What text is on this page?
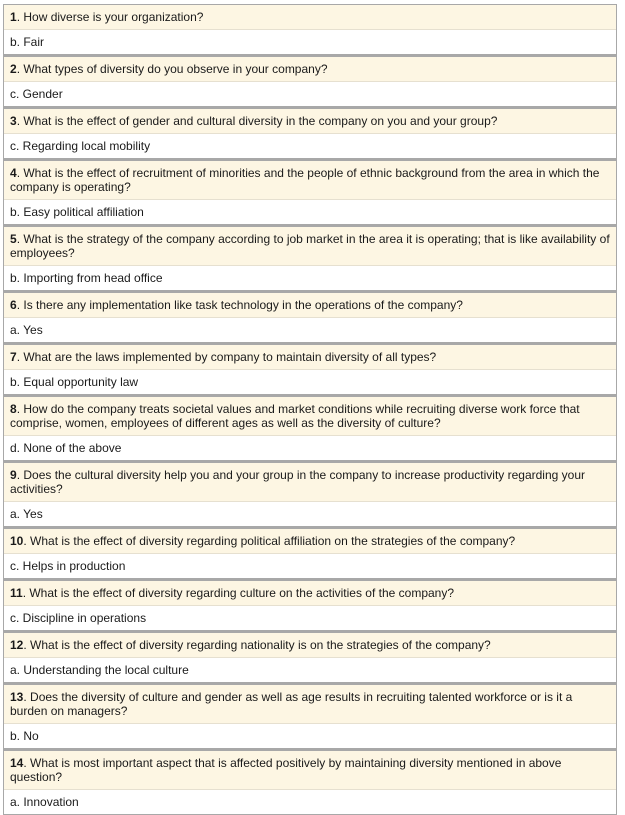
1. How diverse is your organization?
b. Fair
2. What types of diversity do you observe in your company?
c. Gender
3. What is the effect of gender and cultural diversity in the company on you and your group?
c. Regarding local mobility
4. What is the effect of recruitment of minorities and the people of ethnic background from the area in which the company is operating?
b. Easy political affiliation
5. What is the strategy of the company according to job market in the area it is operating; that is like availability of employees?
b. Importing from head office
6. Is there any implementation like task technology in the operations of the company?
a. Yes
7. What are the laws implemented by company to maintain diversity of all types?
b. Equal opportunity law
8. How do the company treats societal values and market conditions while recruiting diverse work force that comprise, women, employees of different ages as well as the diversity of culture?
d. None of the above
9. Does the cultural diversity help you and your group in the company to increase productivity regarding your activities?
a. Yes
10. What is the effect of diversity regarding political affiliation on the strategies of the company?
c. Helps in production
11. What is the effect of diversity regarding culture on the activities of the company?
c. Discipline in operations
12. What is the effect of diversity regarding nationality is on the strategies of the company?
a. Understanding the local culture
13. Does the diversity of culture and gender as well as age results in recruiting talented workforce or is it a burden on managers?
b. No
14. What is most important aspect that is affected positively by maintaining diversity mentioned in above question?
a. Innovation
